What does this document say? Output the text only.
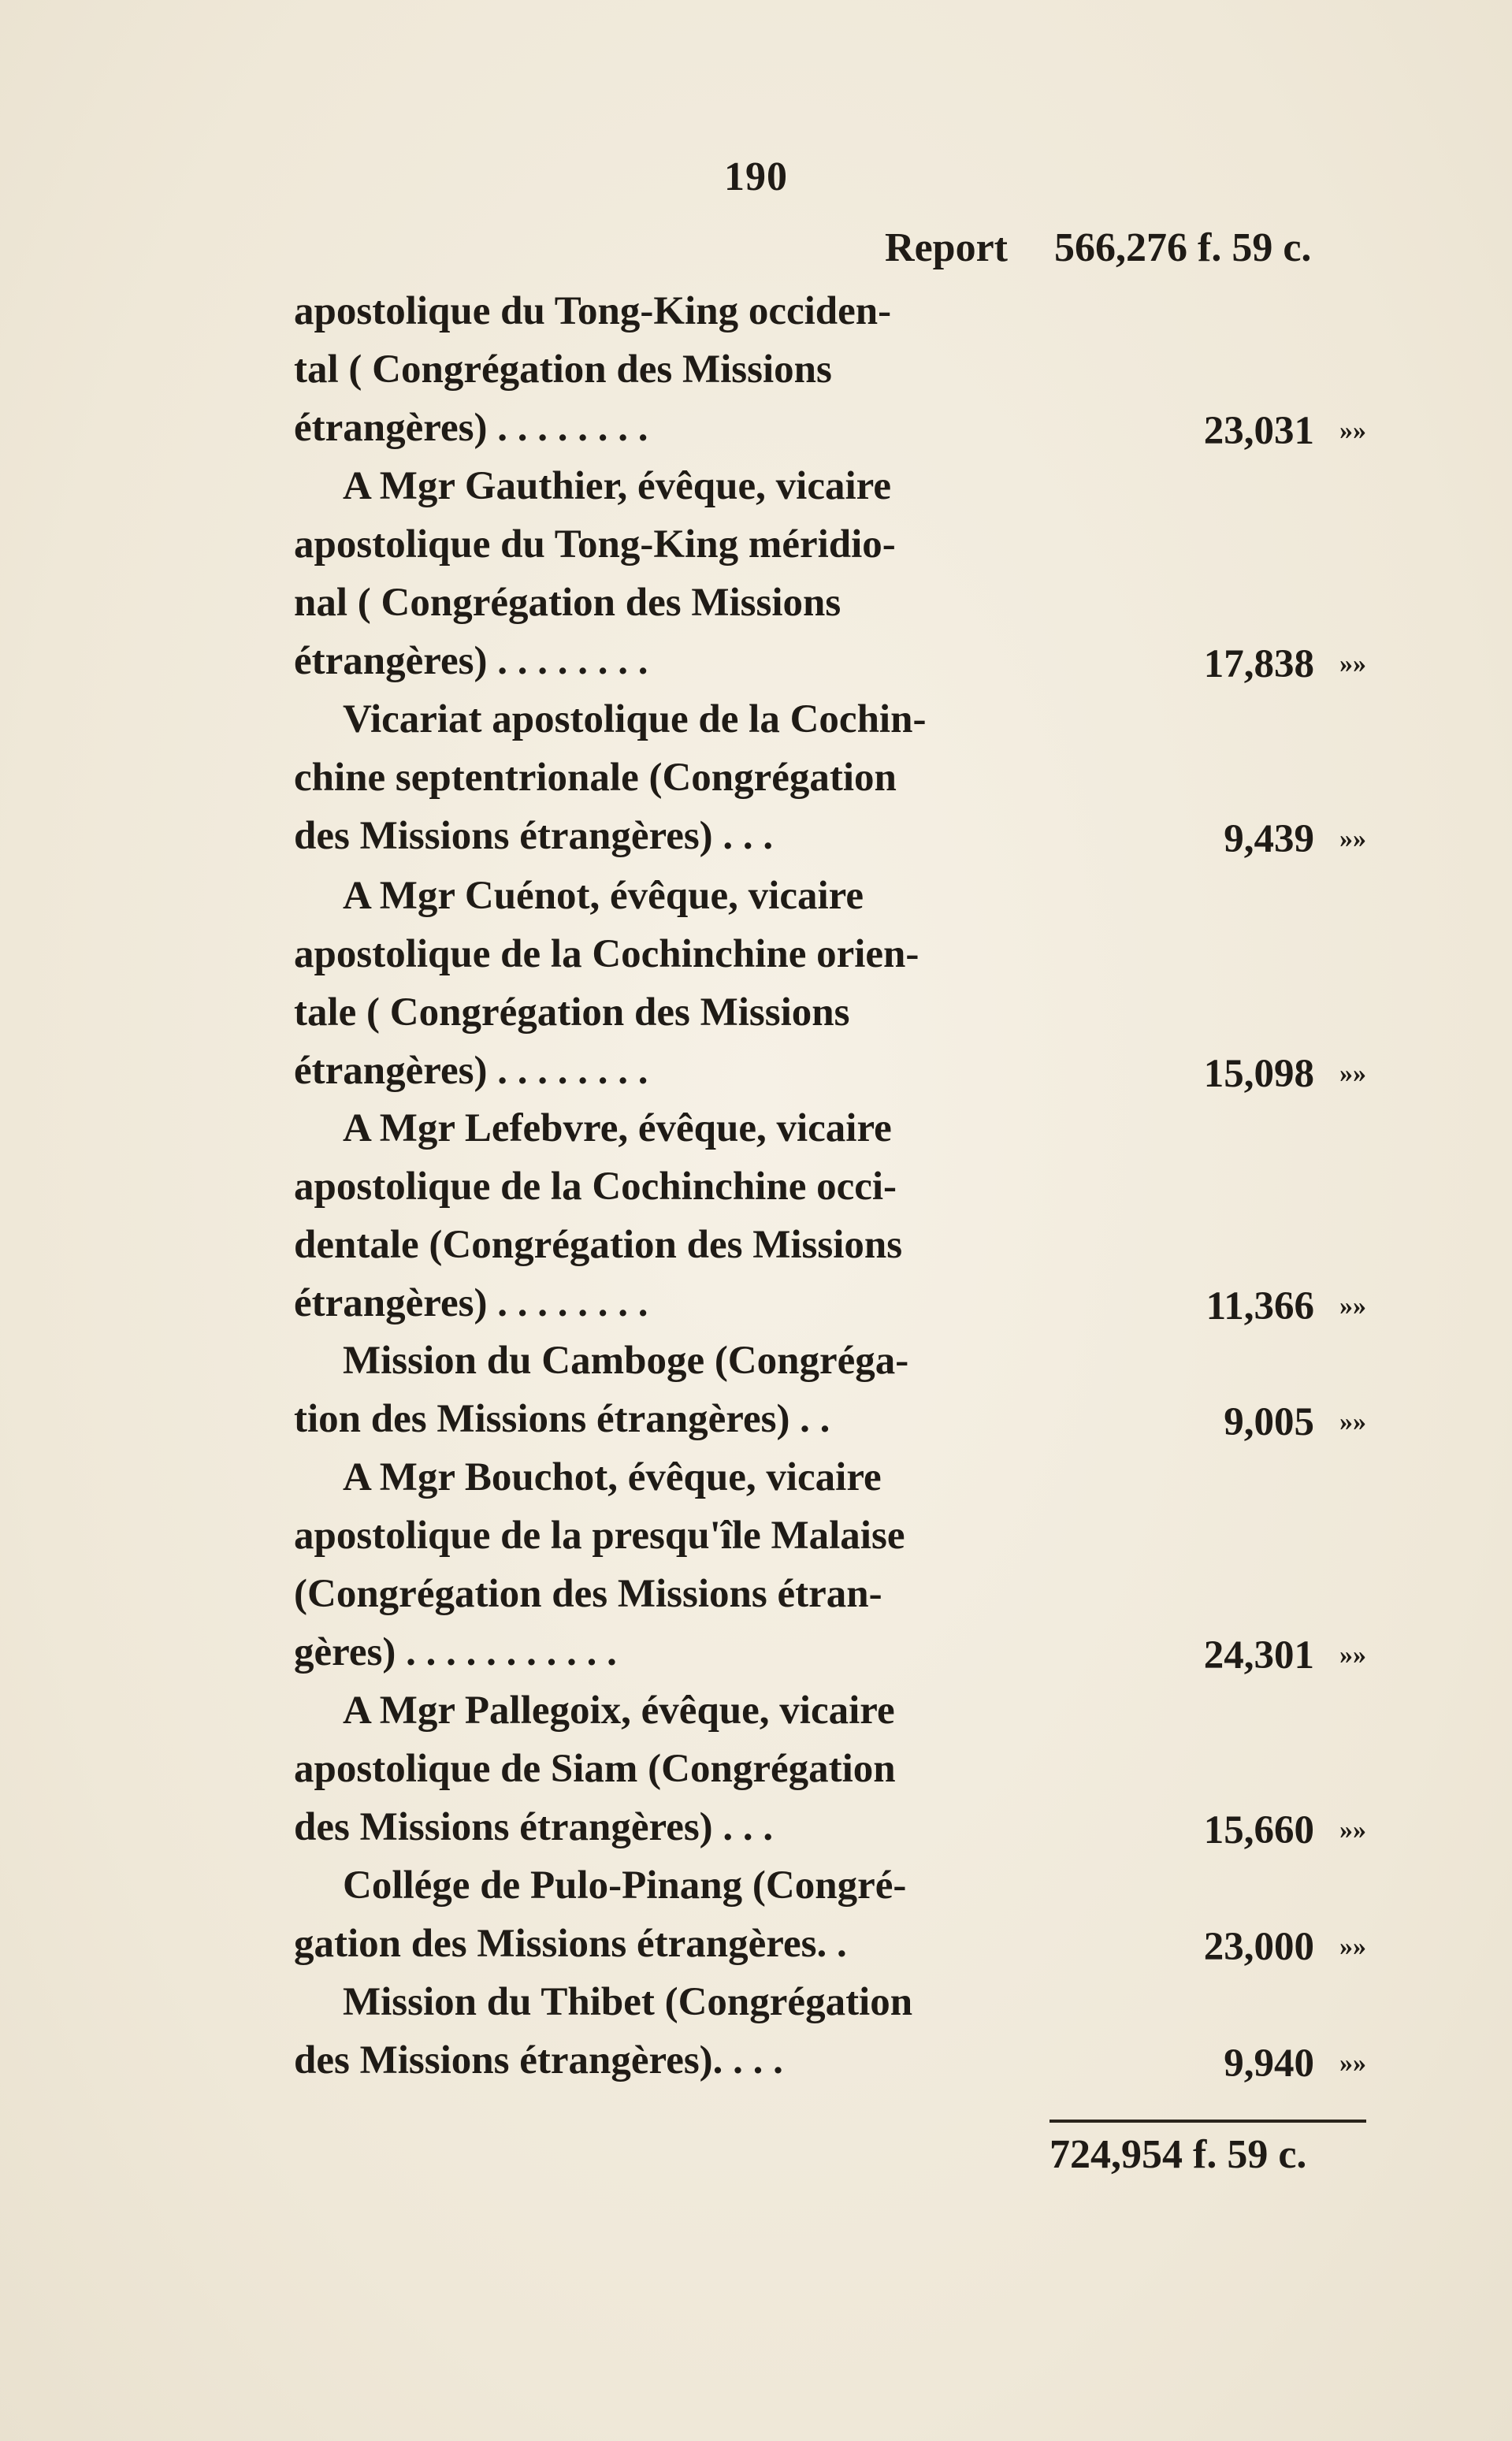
190
Report 566,276 f. 59 c.
apostolique du Tong-King occiden-
tal ( Congrégation des Missions
étrangères) . . . . . . . .	23,031 »»
A Mgr Gauthier, évêque, vicaire
apostolique du Tong-King méridio-
nal ( Congrégation des Missions
étrangères) . . . . . . . .	17,838 »»
Vicariat apostolique de la Cochin-
chine septentrionale (Congrégation
des Missions étrangères) . . .	9,439 »»
A Mgr Cuénot, évêque, vicaire
apostolique de la Cochinchine orien-
tale ( Congrégation des Missions
étrangères) . . . . . . . .	15,098 »»
A Mgr Lefebvre, évêque, vicaire
apostolique de la Cochinchine occi-
dentale (Congrégation des Missions
étrangères) . . . . . . . .	11,366 »»
Mission du Camboge (Congréga-
tion des Missions étrangères) . .	9,005 »»
A Mgr Bouchot, évêque, vicaire
apostolique de la presqu'île Malaise
(Congrégation des Missions étran-
gères) . . . . . . . . . . .	24,301 »»
A Mgr Pallegoix, évêque, vicaire
apostolique de Siam (Congrégation
des Missions étrangères) . . .	15,660 »»
Collége de Pulo-Pinang (Congré-
gation des Missions étrangères. .	23,000 »»
Mission du Thibet (Congrégation
des Missions étrangères). . . .	9,940 »»
724,954 f. 59 c.
